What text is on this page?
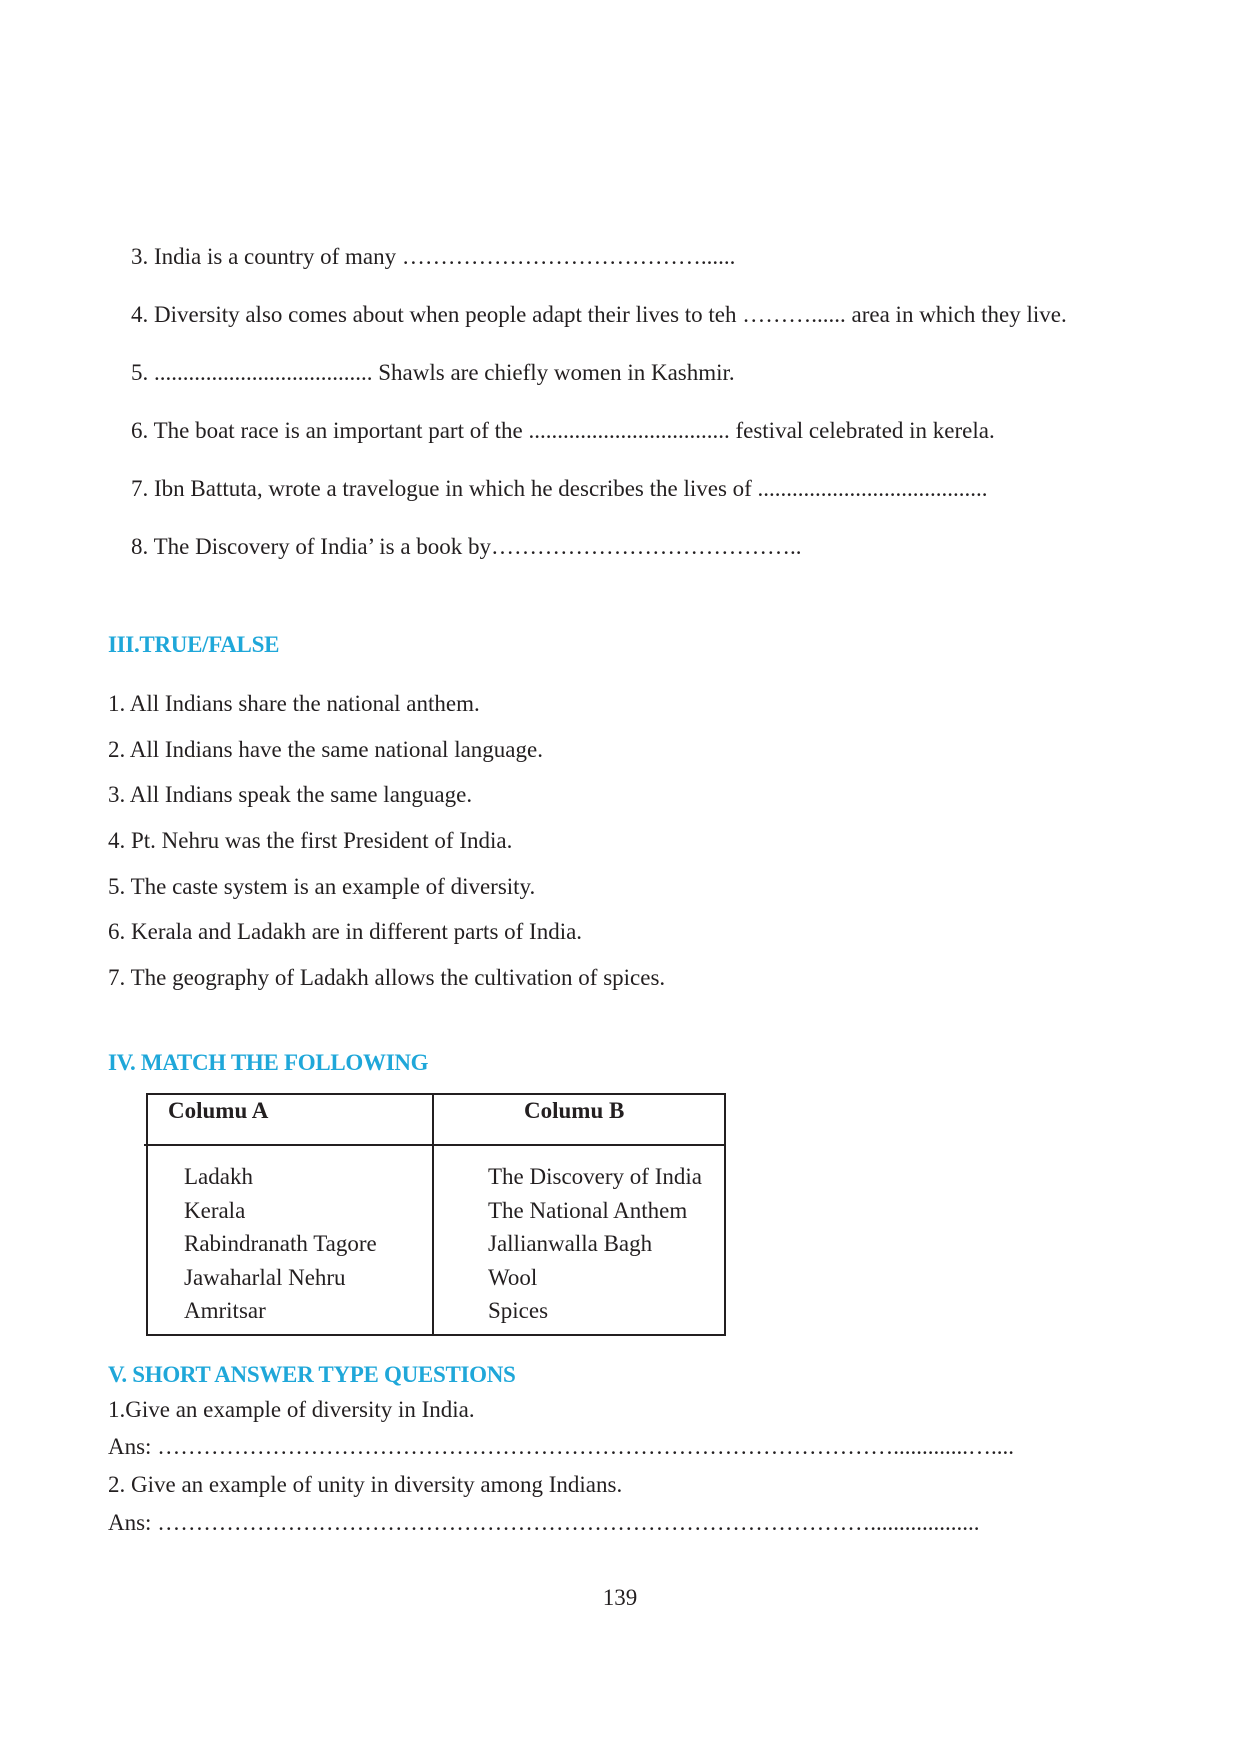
3. India is a country of many …………………………………......
4. Diversity also comes about when people adapt their lives to teh ………...... area in which they live.
5. ...................................... Shawls are chiefly women in Kashmir.
6. The boat race is an important part of the ................................... festival celebrated in kerela.
7. Ibn Battuta, wrote a travelogue in which he describes the lives of ........................................
8. The Discovery of India’ is a book by…………………………………..
III.TRUE/FALSE
1. All Indians share the national anthem.
2. All Indians have the same national language.
3. All Indians speak the same language.
4. Pt. Nehru was the first President of India.
5. The caste system is an example of diversity.
6. Kerala and Ladakh are in different parts of India.
7. The geography of Ladakh allows the cultivation of spices.
IV. MATCH THE FOLLOWING
Columu A	Columu B
Ladakh
Kerala
Rabindranath Tagore
Jawaharlal Nehru
Amritsar
The Discovery of India
The National Anthem
Jallianwalla Bagh
Wool
Spices
V. SHORT ANSWER TYPE QUESTIONS
1.Give an example of diversity in India.
Ans: …………………………………………………………………………………….............…....
2. Give an example of unity in diversity among Indians.
Ans: …………………………………………………………………………………...................
139
